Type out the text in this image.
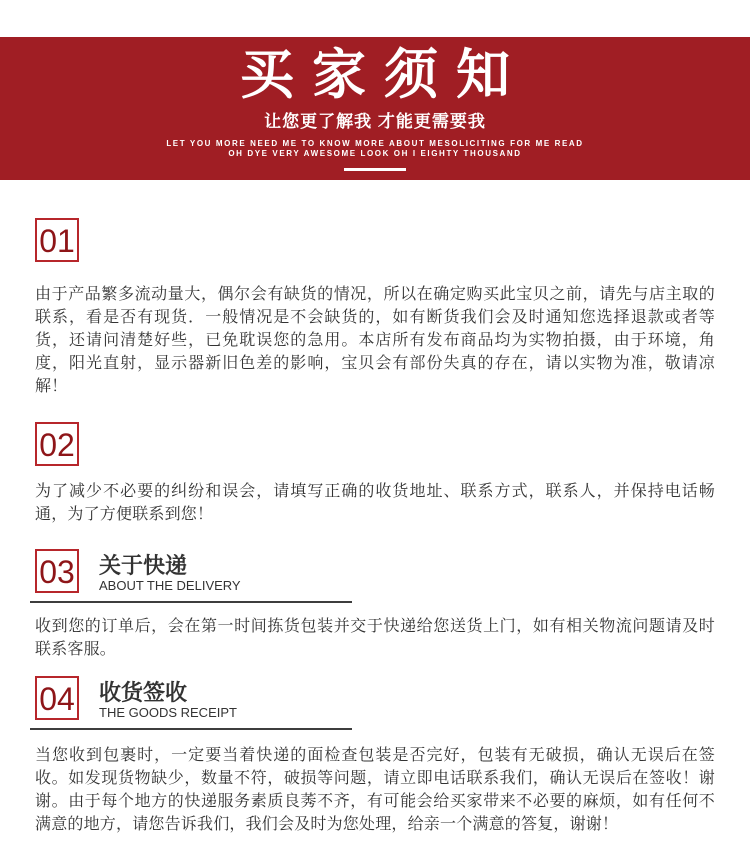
买家须知
让您更了解我 才能更需要我
LET YOU MORE NEED ME TO KNOW MORE ABOUT MESOLICITING FOR ME READ
OH DYE VERY AWESOME LOOK OH I EIGHTY THOUSAND
01
由于产品繁多流动量大，偶尔会有缺货的情况，所以在确定购买此宝贝之前，请先与店主取的联系，看是否有现货．一般情况是不会缺货的，如有断货我们会及时通知您选择退款或者等货，还请问清楚好些，已免耽误您的急用。本店所有发布商品均为实物拍摄，由于环境，角度，阳光直射，显示器新旧色差的影响，宝贝会有部份失真的存在，请以实物为准，敬请凉解！
02
为了减少不必要的纠纷和误会，请填写正确的收货地址、联系方式，联系人，并保持电话畅通，为了方便联系到您！
03 关于快递
ABOUT THE DELIVERY
收到您的订单后，会在第一时间拣货包装并交于快递给您送货上门，如有相关物流问题请及时联系客服。
04 收货签收
THE GOODS RECEIPT
当您收到包裹时，一定要当着快递的面检查包装是否完好，包装有无破损，确认无误后在签收。如发现货物缺少，数量不符，破损等问题，请立即电话联系我们，确认无误后在签收！谢谢。由于每个地方的快递服务素质良莠不齐，有可能会给买家带来不必要的麻烦，如有任何不满意的地方，请您告诉我们，我们会及时为您处理，给亲一个满意的答复，谢谢！
